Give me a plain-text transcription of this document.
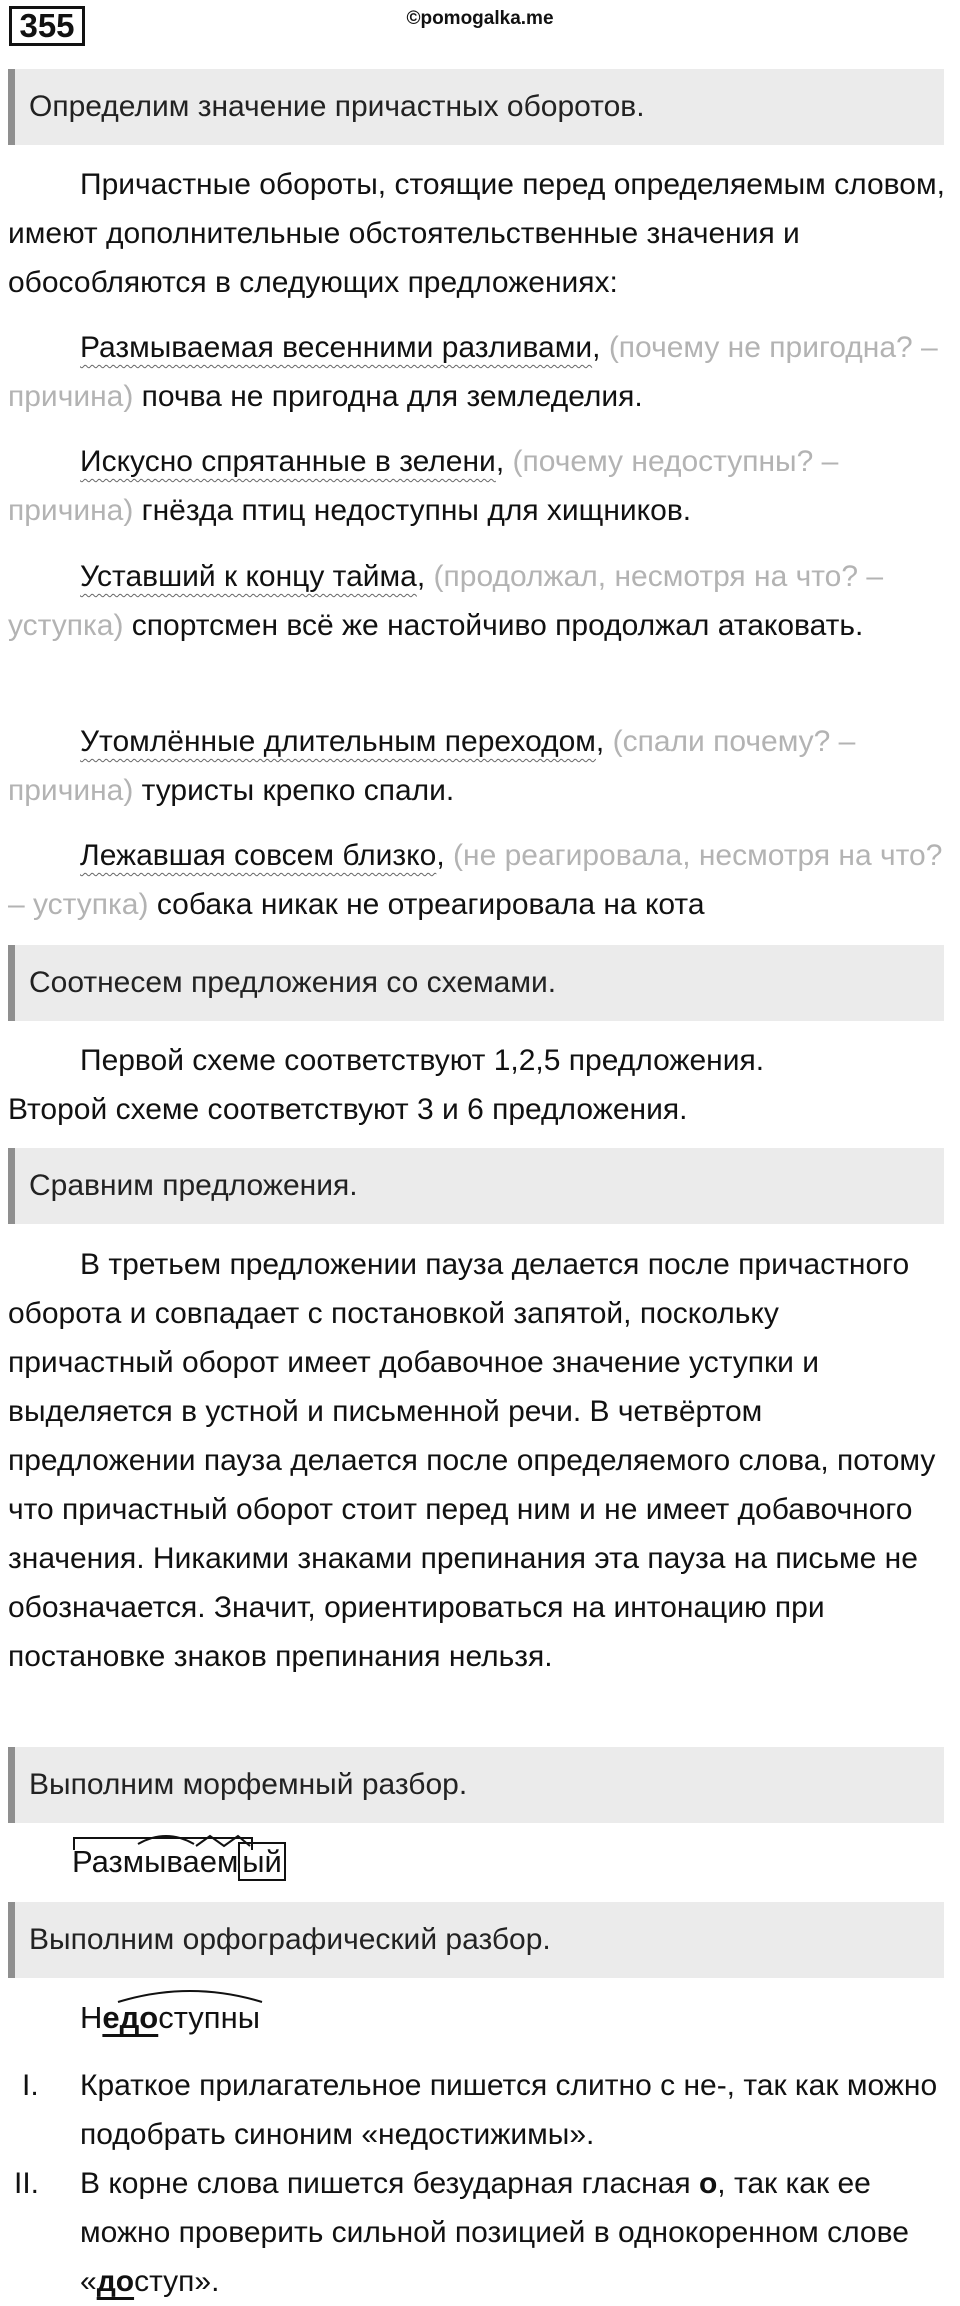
355	©pomogalka.me
Определим значение причастных оборотов.

Причастные обороты, стоящие перед определяемым словом, имеют дополнительные обстоятельственные значения и обособляются в следующих предложениях:

Размываемая весенними разливами, (почему не пригодна? – причина) почва не пригодна для земледелия.

Искусно спрятанные в зелени, (почему недоступны? – причина) гнёзда птиц недоступны для хищников.

Уставший к концу тайма, (продолжал, несмотря на что? – уступка) спортсмен всё же настойчиво продолжал атаковать.

Утомлённые длительным переходом, (спали почему? – причина) туристы крепко спали.

Лежавшая совсем близко, (не реагировала, несмотря на что? – уступка) собака никак не отреагировала на кота

Соотнесем предложения со схемами.

Первой схеме соответствуют 1,2,5 предложения.

Второй схеме соответствуют 3 и 6 предложения.

Сравним предложения.

В третьем предложении пауза делается после причастного оборота и совпадает с постановкой запятой, поскольку причастный оборот имеет добавочное значение уступки и выделяется в устной и письменной речи. В четвёртом предложении пауза делается после определяемого слова, потому что причастный оборот стоит перед ним и не имеет добавочного значения. Никакими знаками препинания эта пауза на письме не обозначается. Значит, ориентироваться на интонацию при постановке знаков препинания нельзя.

Выполним морфемный разбор.
Размываем ый
Выполним орфографический разбор.
Недоступны
I. Краткое прилагательное пишется слитно с не-, так как можно подобрать синоним «недостижимы».
II. В корне слова пишется безударная гласная о, так как ее можно проверить сильной позицией в однокоренном слове «доступ».
